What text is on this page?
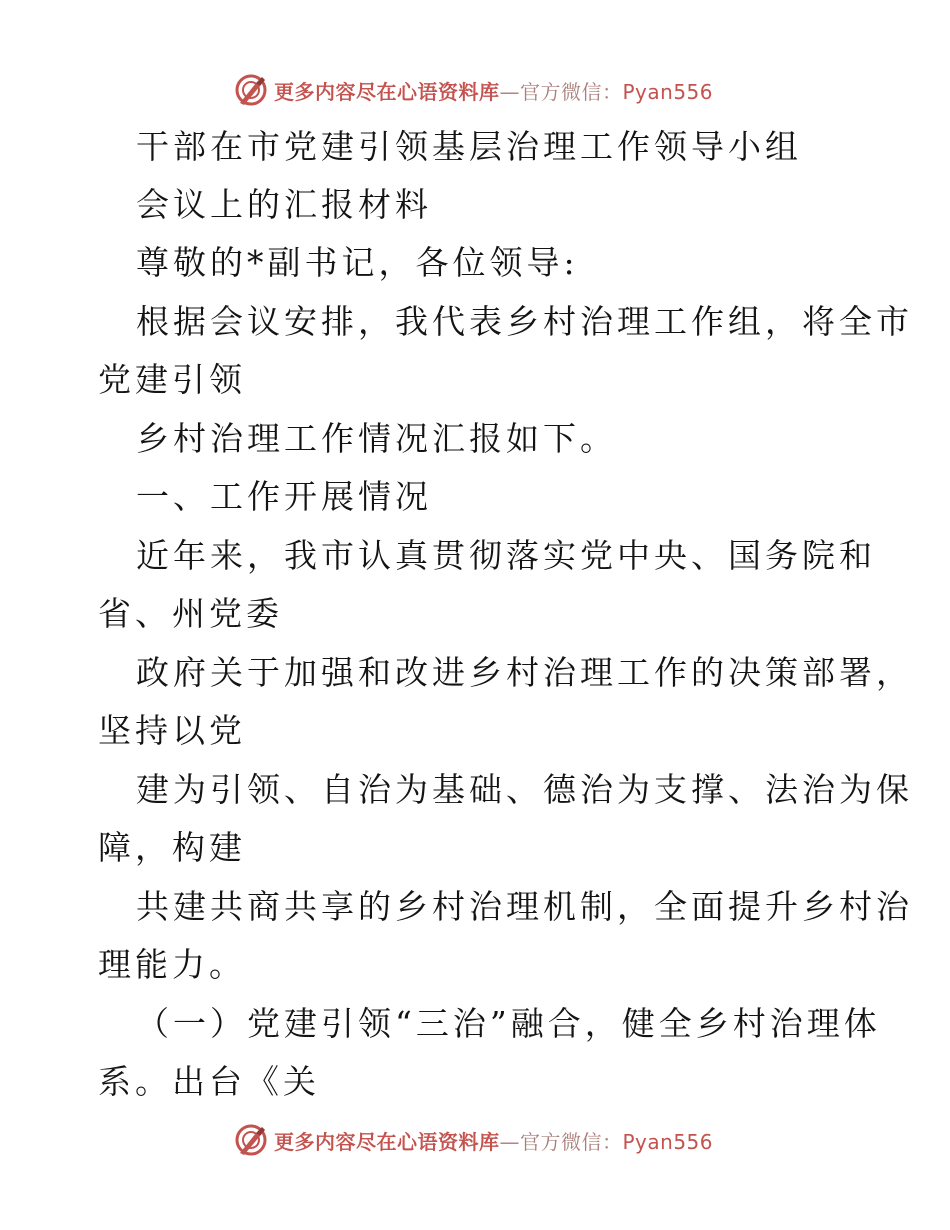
更多内容尽在心语资料库—官方微信：Pyan556
干部在市党建引领基层治理工作领导小组
会议上的汇报材料
尊敬的*副书记，各位领导:
根据会议安排，我代表乡村治理工作组，将全市
党建引领
乡村治理工作情况汇报如下。
一、工作开展情况
近年来，我市认真贯彻落实党中央、国务院和
省、州党委
政府关于加强和改进乡村治理工作的决策部署，
坚持以党
建为引领、自治为基础、德治为支撑、法治为保
障，构建
共建共商共享的乡村治理机制，全面提升乡村治
理能力。
（一）党建引领“三治”融合，健全乡村治理体
系。出台《关
更多内容尽在心语资料库—官方微信：Pyan556
